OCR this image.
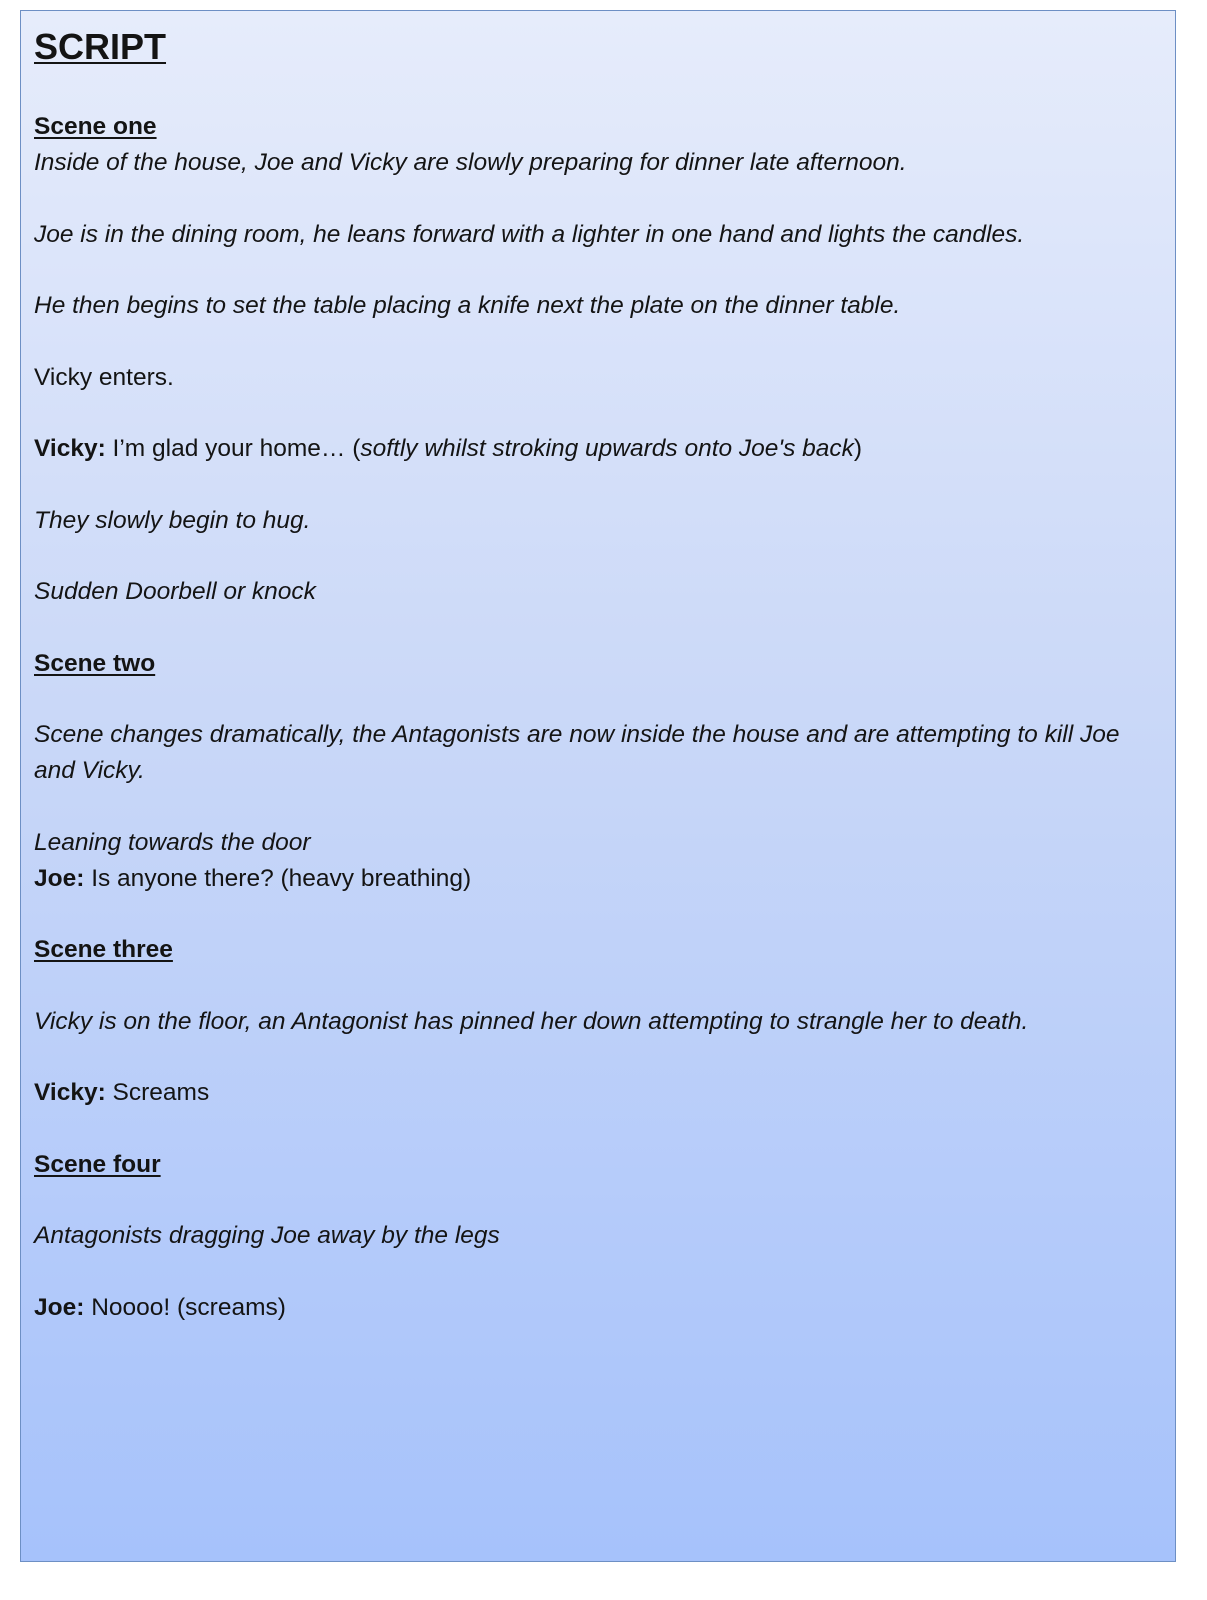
SCRIPT

Scene one

Inside of the house, Joe and Vicky are slowly preparing for dinner late afternoon.

Joe is in the dining room, he leans forward with a lighter in one hand and lights the candles.

He then begins to set the table placing a knife next the plate on the dinner table.

Vicky enters.

Vicky: I’m glad your home… (softly whilst stroking upwards onto Joe's back)

They slowly begin to hug.

Sudden Doorbell or knock

Scene two

Scene changes dramatically, the Antagonists are now inside the house and are attempting to kill Joe and Vicky.

Leaning towards the door

Joe: Is anyone there? (heavy breathing)

Scene three

Vicky is on the floor, an Antagonist has pinned her down attempting to strangle her to death.

Vicky: Screams

Scene four

Antagonists dragging Joe away by the legs

Joe: Noooo! (screams)
